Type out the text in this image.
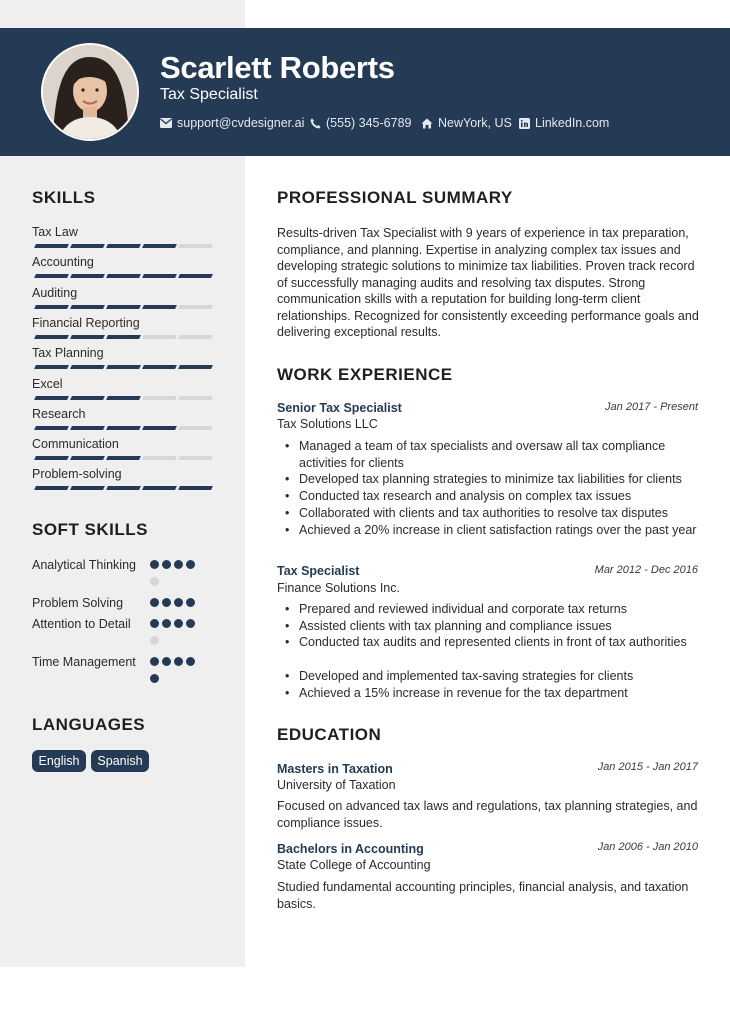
Scarlett Roberts
Tax Specialist
support@cvdesigner.ai (555) 345-6789 NewYork, US LinkedIn.com
SKILLS
Tax Law
Accounting
Auditing
Financial Reporting
Tax Planning
Excel
Research
Communication
Problem-solving
SOFT SKILLS
Analytical Thinking
Problem Solving
Attention to Detail
Time Management
LANGUAGES
English	Spanish
PROFESSIONAL SUMMARY
Results-driven Tax Specialist with 9 years of experience in tax preparation, compliance, and planning. Expertise in analyzing complex tax issues and developing strategic solutions to minimize tax liabilities. Proven track record of successfully managing audits and resolving tax disputes. Strong communication skills with a reputation for building long-term client relationships. Recognized for consistently exceeding performance goals and delivering exceptional results.
WORK EXPERIENCE
Senior Tax Specialist	Jan 2017 - Present
Tax Solutions LLC
• Managed a team of tax specialists and oversaw all tax compliance activities for clients
• Developed tax planning strategies to minimize tax liabilities for clients
• Conducted tax research and analysis on complex tax issues
• Collaborated with clients and tax authorities to resolve tax disputes
• Achieved a 20% increase in client satisfaction ratings over the past year
Tax Specialist	Mar 2012 - Dec 2016
Finance Solutions Inc.
• Prepared and reviewed individual and corporate tax returns
• Assisted clients with tax planning and compliance issues
• Conducted tax audits and represented clients in front of tax authorities
• Developed and implemented tax-saving strategies for clients
• Achieved a 15% increase in revenue for the tax department
EDUCATION
Masters in Taxation	Jan 2015 - Jan 2017
University of Taxation
Focused on advanced tax laws and regulations, tax planning strategies, and compliance issues.
Bachelors in Accounting	Jan 2006 - Jan 2010
State College of Accounting
Studied fundamental accounting principles, financial analysis, and taxation basics.
